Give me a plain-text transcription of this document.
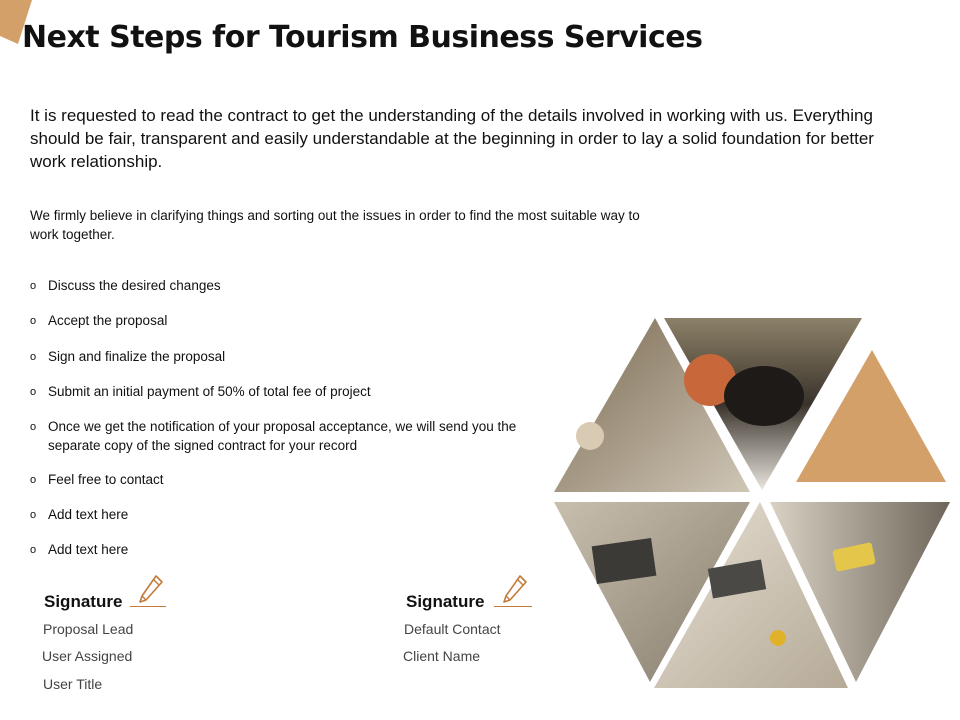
Next Steps for Tourism Business Services

It is requested to read the contract to get the understanding of the details involved in working with us. Everything should be fair, transparent and easily understandable at the beginning in order to lay a solid foundation for better work relationship.

We firmly believe in clarifying things and sorting out the issues in order to find the most suitable way to work together.

o Discuss the desired changes
o Accept the proposal
o Sign and finalize the proposal
o Submit an initial payment of 50% of total fee of project
o Once we get the notification of your proposal acceptance, we will send you the separate copy of the signed contract for your record
o Feel free to contact
o Add text here
o Add text here
Signature
Proposal Lead
User Assigned
User Title
Signature
Default Contact
Client Name
